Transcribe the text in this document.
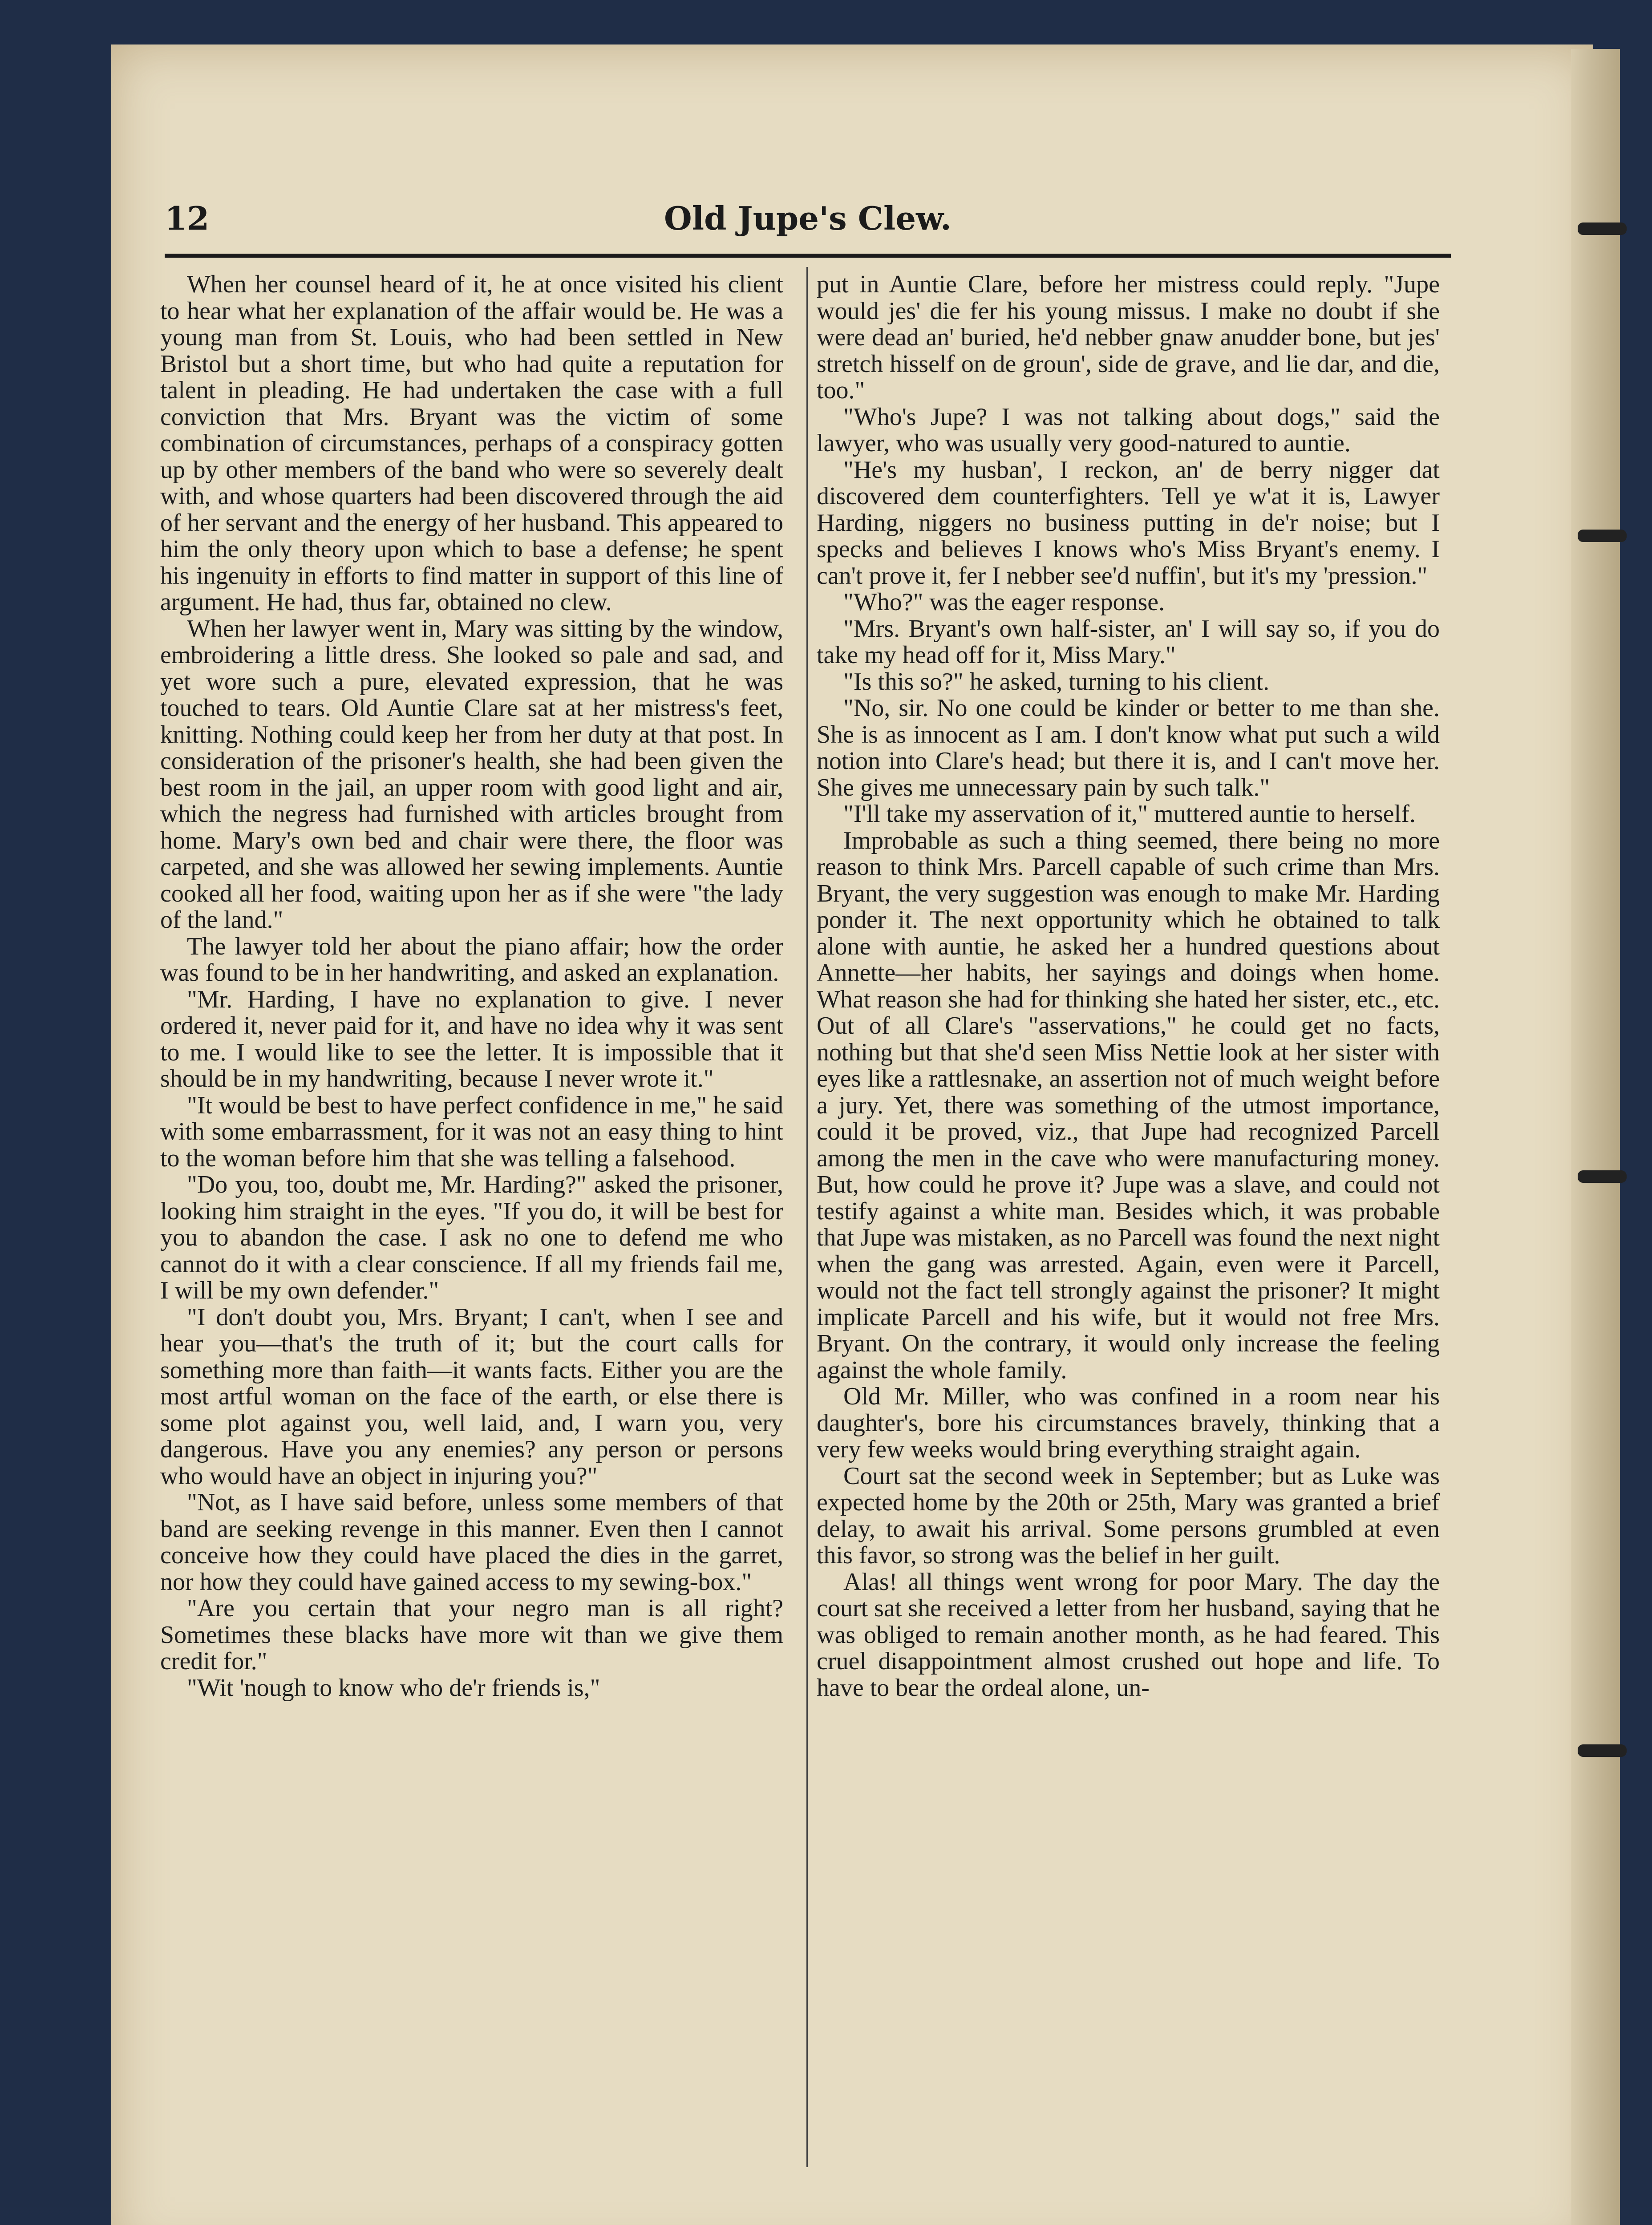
12	Old Jupe's Clew.

When her counsel heard of it, he at once visited his client to hear what her explanation of the affair would be. He was a young man from St. Louis, who had been settled in New Bristol but a short time, but who had quite a reputation for talent in pleading. He had undertaken the case with a full conviction that Mrs. Bryant was the victim of some combination of circumstances, perhaps of a conspiracy gotten up by other members of the band who were so severely dealt with, and whose quarters had been discovered through the aid of her servant and the energy of her husband. This appeared to him the only theory upon which to base a defense; he spent his ingenuity in efforts to find matter in support of this line of argument. He had, thus far, obtained no clew.

When her lawyer went in, Mary was sitting by the window, embroidering a little dress. She looked so pale and sad, and yet wore such a pure, elevated expression, that he was touched to tears. Old Auntie Clare sat at her mistress's feet, knitting. Nothing could keep her from her duty at that post. In consideration of the prisoner's health, she had been given the best room in the jail, an upper room with good light and air, which the negress had furnished with articles brought from home. Mary's own bed and chair were there, the floor was carpeted, and she was allowed her sewing implements. Auntie cooked all her food, waiting upon her as if she were "the lady of the land."

The lawyer told her about the piano affair; how the order was found to be in her handwriting, and asked an explanation.

"Mr. Harding, I have no explanation to give. I never ordered it, never paid for it, and have no idea why it was sent to me. I would like to see the letter. It is impossible that it should be in my handwriting, because I never wrote it."

"It would be best to have perfect confidence in me," he said with some embarrassment, for it was not an easy thing to hint to the woman before him that she was telling a falsehood.

"Do you, too, doubt me, Mr. Harding?" asked the prisoner, looking him straight in the eyes. "If you do, it will be best for you to abandon the case. I ask no one to defend me who cannot do it with a clear conscience. If all my friends fail me, I will be my own defender."

"I don't doubt you, Mrs. Bryant; I can't, when I see and hear you—that's the truth of it; but the court calls for something more than faith—it wants facts. Either you are the most artful woman on the face of the earth, or else there is some plot against you, well laid, and, I warn you, very dangerous. Have you any enemies? any person or persons who would have an object in injuring you?"

"Not, as I have said before, unless some members of that band are seeking revenge in this manner. Even then I cannot conceive how they could have placed the dies in the garret, nor how they could have gained access to my sewing-box."

"Are you certain that your negro man is all right? Sometimes these blacks have more wit than we give them credit for."

"Wit 'nough to know who de'r friends is,"

put in Auntie Clare, before her mistress could reply. "Jupe would jes' die fer his young missus. I make no doubt if she were dead an' buried, he'd nebber gnaw anudder bone, but jes' stretch hisself on de groun', side de grave, and lie dar, and die, too."

"Who's Jupe? I was not talking about dogs," said the lawyer, who was usually very good-natured to auntie.

"He's my husban', I reckon, an' de berry nigger dat discovered dem counterfighters. Tell ye w'at it is, Lawyer Harding, niggers no business putting in de'r noise; but I specks and believes I knows who's Miss Bryant's enemy. I can't prove it, fer I nebber see'd nuffin', but it's my 'pression."

"Who?" was the eager response.

"Mrs. Bryant's own half-sister, an' I will say so, if you do take my head off for it, Miss Mary."

"Is this so?" he asked, turning to his client.

"No, sir. No one could be kinder or better to me than she. She is as innocent as I am. I don't know what put such a wild notion into Clare's head; but there it is, and I can't move her. She gives me unnecessary pain by such talk."

"I'll take my asservation of it," muttered auntie to herself.

Improbable as such a thing seemed, there being no more reason to think Mrs. Parcell capable of such crime than Mrs. Bryant, the very suggestion was enough to make Mr. Harding ponder it. The next opportunity which he obtained to talk alone with auntie, he asked her a hundred questions about Annette—her habits, her sayings and doings when home. What reason she had for thinking she hated her sister, etc., etc. Out of all Clare's "asservations," he could get no facts, nothing but that she'd seen Miss Nettie look at her sister with eyes like a rattlesnake, an assertion not of much weight before a jury. Yet, there was something of the utmost importance, could it be proved, viz., that Jupe had recognized Parcell among the men in the cave who were manufacturing money. But, how could he prove it? Jupe was a slave, and could not testify against a white man. Besides which, it was probable that Jupe was mistaken, as no Parcell was found the next night when the gang was arrested. Again, even were it Parcell, would not the fact tell strongly against the prisoner? It might implicate Parcell and his wife, but it would not free Mrs. Bryant. On the contrary, it would only increase the feeling against the whole family.

Old Mr. Miller, who was confined in a room near his daughter's, bore his circumstances bravely, thinking that a very few weeks would bring everything straight again.

Court sat the second week in September; but as Luke was expected home by the 20th or 25th, Mary was granted a brief delay, to await his arrival. Some persons grumbled at even this favor, so strong was the belief in her guilt.

Alas! all things went wrong for poor Mary. The day the court sat she received a letter from her husband, saying that he was obliged to remain another month, as he had feared. This cruel disappointment almost crushed out hope and life. To have to bear the ordeal alone, un-
